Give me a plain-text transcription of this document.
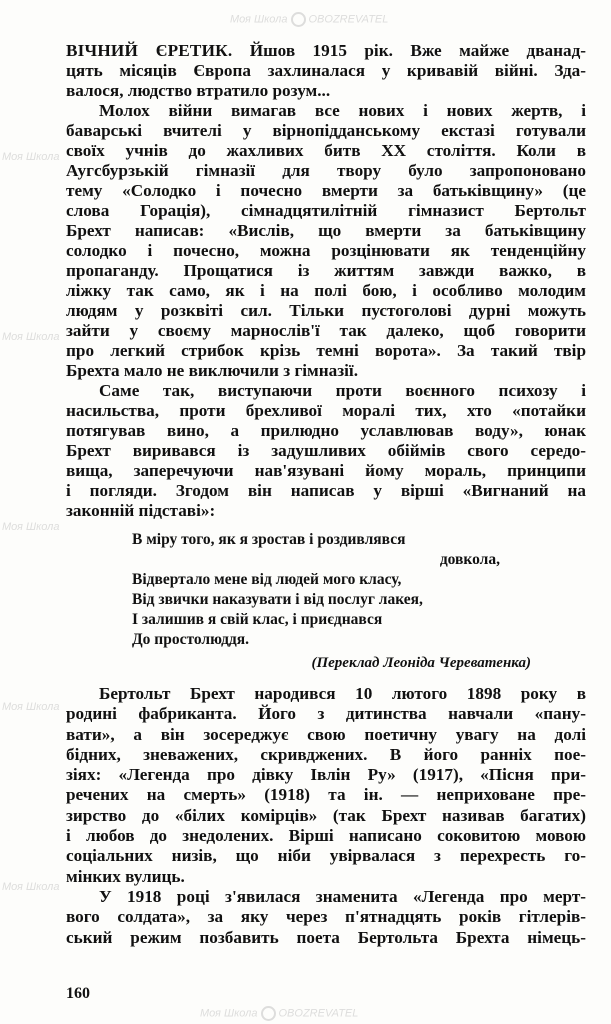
ВІЧНИЙ ЄРЕТИК. Йшов 1915 рік. Вже майже дванад-
цять місяців Європа захлиналася у кривавій війні. Зда-
валося, людство втратило розум...
Молох війни вимагав все нових і нових жертв, і
баварські вчителі у вірнопідданському екстазі готували
своїх учнів до жахливих битв XX століття. Коли в
Аугсбурзькій гімназії для твору було запропоновано
тему «Солодко і почесно вмерти за батьківщину» (це
слова Горація), сімнадцятилітній гімназист Бертольт
Брехт написав: «Вислів, що вмерти за батьківщину
солодко і почесно, можна розцінювати як тенденційну
пропаганду. Прощатися із життям завжди важко, в
ліжку так само, як і на полі бою, і особливо молодим
людям у розквіті сил. Тільки пустоголові дурні можуть
зайти у своєму марнослів'ї так далеко, щоб говорити
про легкий стрибок крізь темні ворота». За такий твір
Брехта мало не виключили з гімназії.
Саме так, виступаючи проти воєнного психозу і
насильства, проти брехливої моралі тих, хто «потайки
потягував вино, а прилюдно уславлював воду», юнак
Брехт виривався із задушливих обіймів свого середо-
вища, заперечуючи нав'язувані йому мораль, принципи
і погляди. Згодом він написав у вірші «Вигнаний на
законній підставі»:
В міру того, як я зростав і роздивлявся
довкола,
Відвертало мене від людей мого класу,
Від звички наказувати і від послуг лакея,
І залишив я свій клас, і приєднався
До простолюддя.
(Переклад Леоніда Череватенка)
Бертольт Брехт народився 10 лютого 1898 року в
родині фабриканта. Його з дитинства навчали «пану-
вати», а він зосереджує свою поетичну увагу на долі
бідних, зневажених, скривджених. В його ранніх пое-
зіях: «Легенда про дівку Івлін Ру» (1917), «Пісня при-
речених на смерть» (1918) та ін. — неприховане пре-
зирство до «білих комірців» (так Брехт називав багатих)
і любов до знедолених. Вірші написано соковитою мовою
соціальних низів, що ніби увірвалася з перехресть го-
мінких вулиць.
У 1918 році з'явилася знаменита «Легенда про мерт-
вого солдата», за яку через п'ятнадцять років гітлерів-
ський режим позбавить поета Бертольта Брехта німець-
160
Моя Школа OBOZREVATEL
Моя Школа OBOZREVATEL
Моя Школа
Моя Школа
Моя Школа
Моя Школа
Моя Школа
